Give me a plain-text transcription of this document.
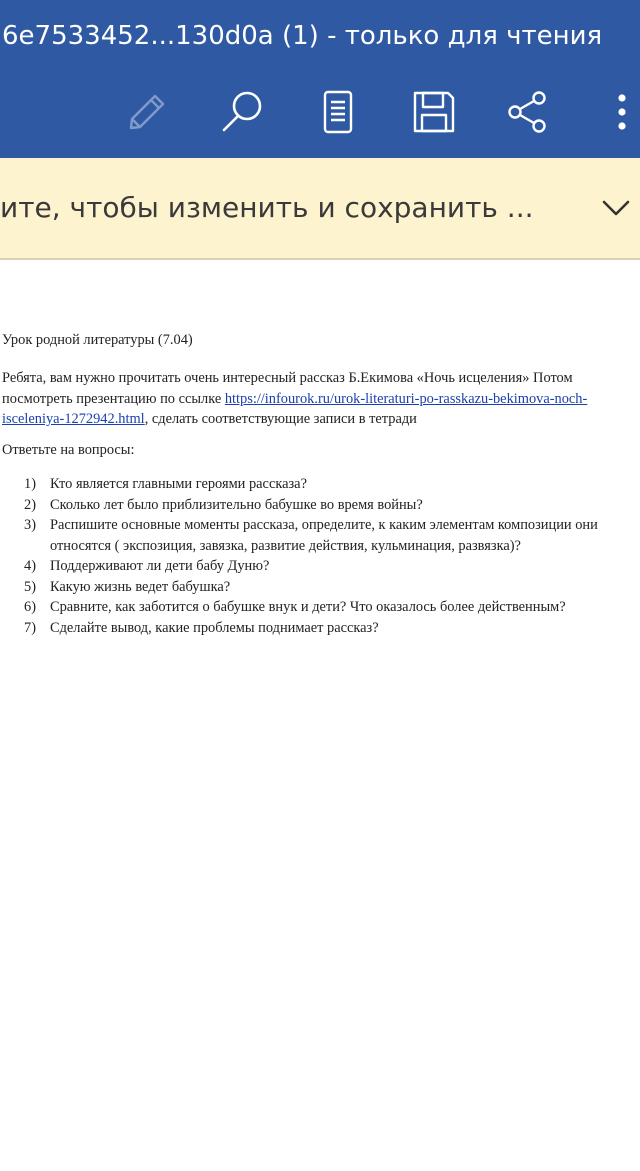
6e7533452...130d0a (1) - только для чтения
ите, чтобы изменить и сохранить ...

Урок родной литературы (7.04)

Ребята, вам нужно прочитать очень интересный рассказ Б.Екимова «Ночь исцеления» Потом посмотреть презентацию по ссылке https://infourok.ru/urok-literaturi-po-rasskazu-bekimova-noch-isceleniya-1272942.html, сделать соответствующие записи в тетради

Ответьте на вопросы:

1) Кто является главными героями рассказа?
2) Сколько лет было приблизительно бабушке во время войны?
3) Распишите основные моменты рассказа, определите, к каким элементам композиции они относятся ( экспозиция, завязка, развитие действия, кульминация, развязка)?
4) Поддерживают ли дети бабу Дуню?
5) Какую жизнь ведет бабушка?
6) Сравните, как заботится о бабушке внук и дети? Что оказалось более действенным?
7) Сделайте вывод, какие проблемы поднимает рассказ?
